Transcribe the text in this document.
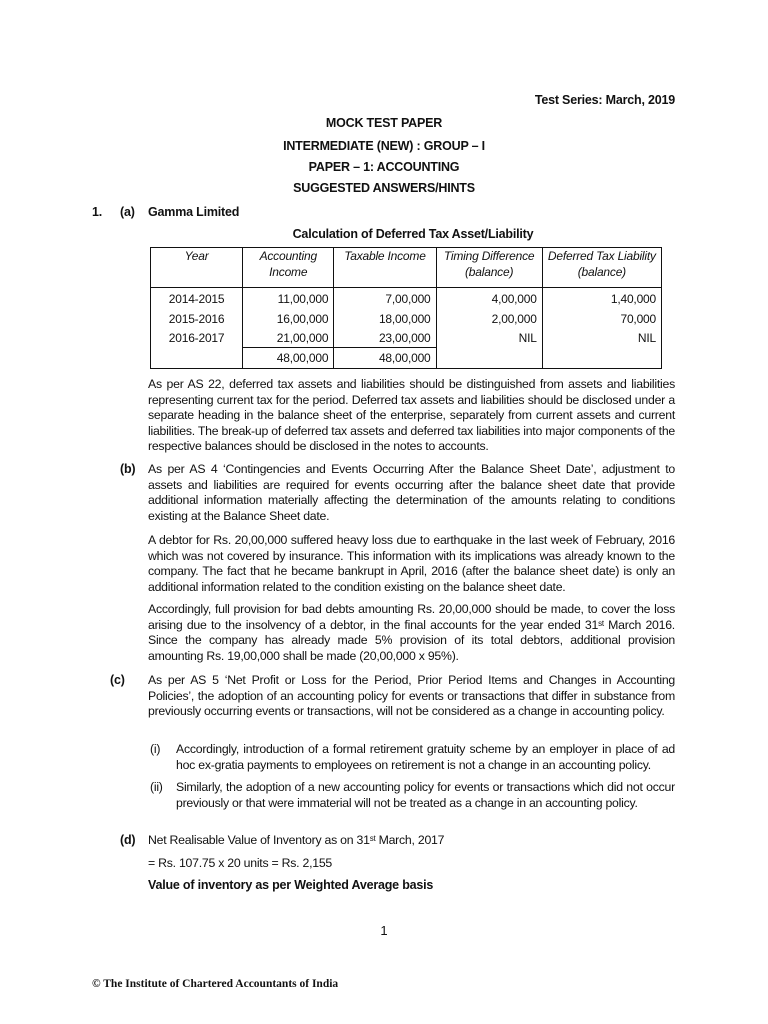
Test Series: March, 2019
MOCK TEST PAPER
INTERMEDIATE (NEW) : GROUP – I
PAPER – 1: ACCOUNTING
SUGGESTED ANSWERS/HINTS
1. (a) Gamma Limited
Calculation of Deferred Tax Asset/Liability
Year	Accounting Income	Taxable Income	Timing Difference (balance)	Deferred Tax Liability (balance)
2014-2015	11,00,000	7,00,000	4,00,000	1,40,000
2015-2016	16,00,000	18,00,000	2,00,000	70,000
2016-2017	21,00,000	23,00,000	NIL	NIL
	48,00,000	48,00,000		
As per AS 22, deferred tax assets and liabilities should be distinguished from assets and liabilities representing current tax for the period. Deferred tax assets and liabilities should be disclosed under a separate heading in the balance sheet of the enterprise, separately from current assets and current liabilities. The break-up of deferred tax assets and deferred tax liabilities into major components of the respective balances should be disclosed in the notes to accounts.
(b) As per AS 4 ‘Contingencies and Events Occurring After the Balance Sheet Date’, adjustment to assets and liabilities are required for events occurring after the balance sheet date that provide additional information materially affecting the determination of the amounts relating to conditions existing at the Balance Sheet date.
A debtor for Rs. 20,00,000 suffered heavy loss due to earthquake in the last week of February, 2016 which was not covered by insurance. This information with its implications was already known to the company. The fact that he became bankrupt in April, 2016 (after the balance sheet date) is only an additional information related to the condition existing on the balance sheet date.
Accordingly, full provision for bad debts amounting Rs. 20,00,000 should be made, to cover the loss arising due to the insolvency of a debtor, in the final accounts for the year ended 31st March 2016. Since the company has already made 5% provision of its total debtors, additional provision amounting Rs. 19,00,000 shall be made (20,00,000 x 95%).
(c) As per AS 5 ‘Net Profit or Loss for the Period, Prior Period Items and Changes in Accounting Policies’, the adoption of an accounting policy for events or transactions that differ in substance from previously occurring events or transactions, will not be considered as a change in accounting policy.
(i) Accordingly, introduction of a formal retirement gratuity scheme by an employer in place of ad hoc ex-gratia payments to employees on retirement is not a change in an accounting policy.
(ii) Similarly, the adoption of a new accounting policy for events or transactions which did not occur previously or that were immaterial will not be treated as a change in an accounting policy.
(d) Net Realisable Value of Inventory as on 31st March, 2017
= Rs. 107.75 x 20 units = Rs. 2,155
Value of inventory as per Weighted Average basis
1
© The Institute of Chartered Accountants of India
